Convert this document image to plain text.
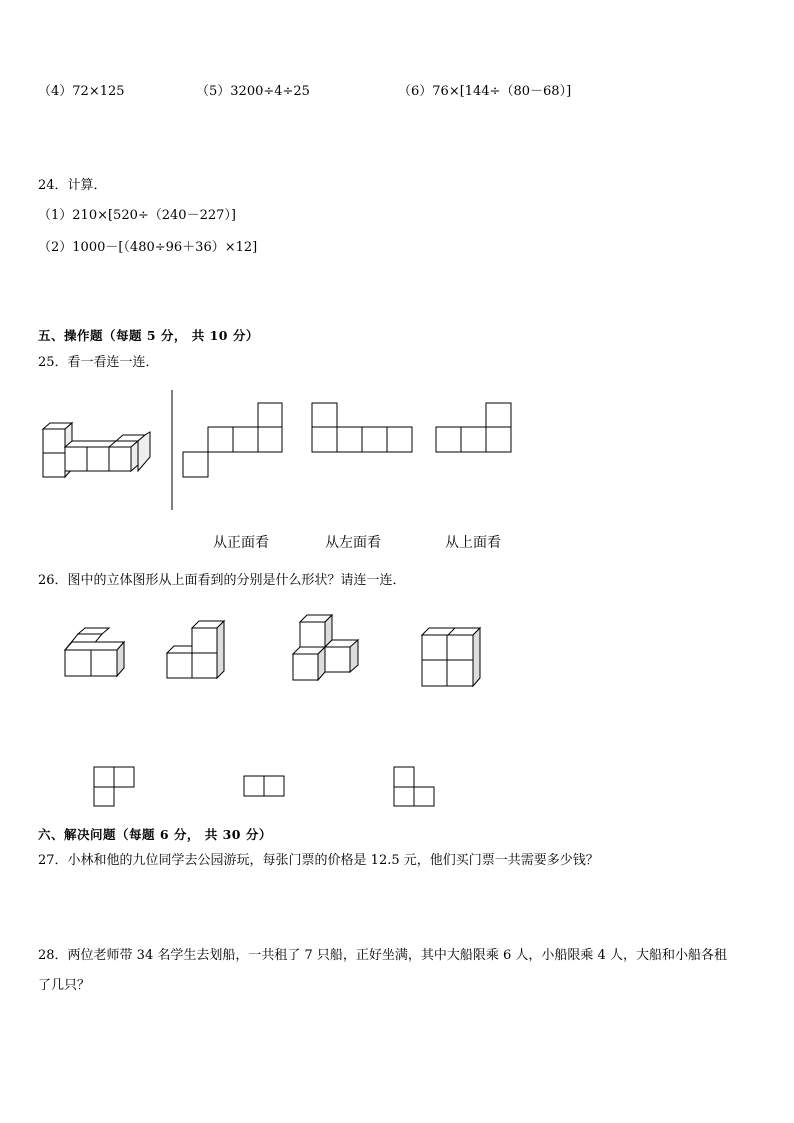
（4）72×125	（5）3200÷4÷25	（6）76×[144÷（80－68）]
24．计算．
（1）210×[520÷（240－227）]
（2）1000－[（480÷96＋36）×12]
五、操作题（每题 5 分， 共 10 分）
25．看一看连一连．
从正面看	从左面看	从上面看
26．图中的立体图形从上面看到的分别是什么形状？请连一连．
六、解决问题（每题 6 分， 共 30 分）
27．小林和他的九位同学去公园游玩，每张门票的价格是 12.5 元，他们买门票一共需要多少钱？
28．两位老师带 34 名学生去划船，一共租了 7 只船，正好坐满，其中大船限乘 6 人，小船限乘 4 人，大船和小船各租
了几只？
